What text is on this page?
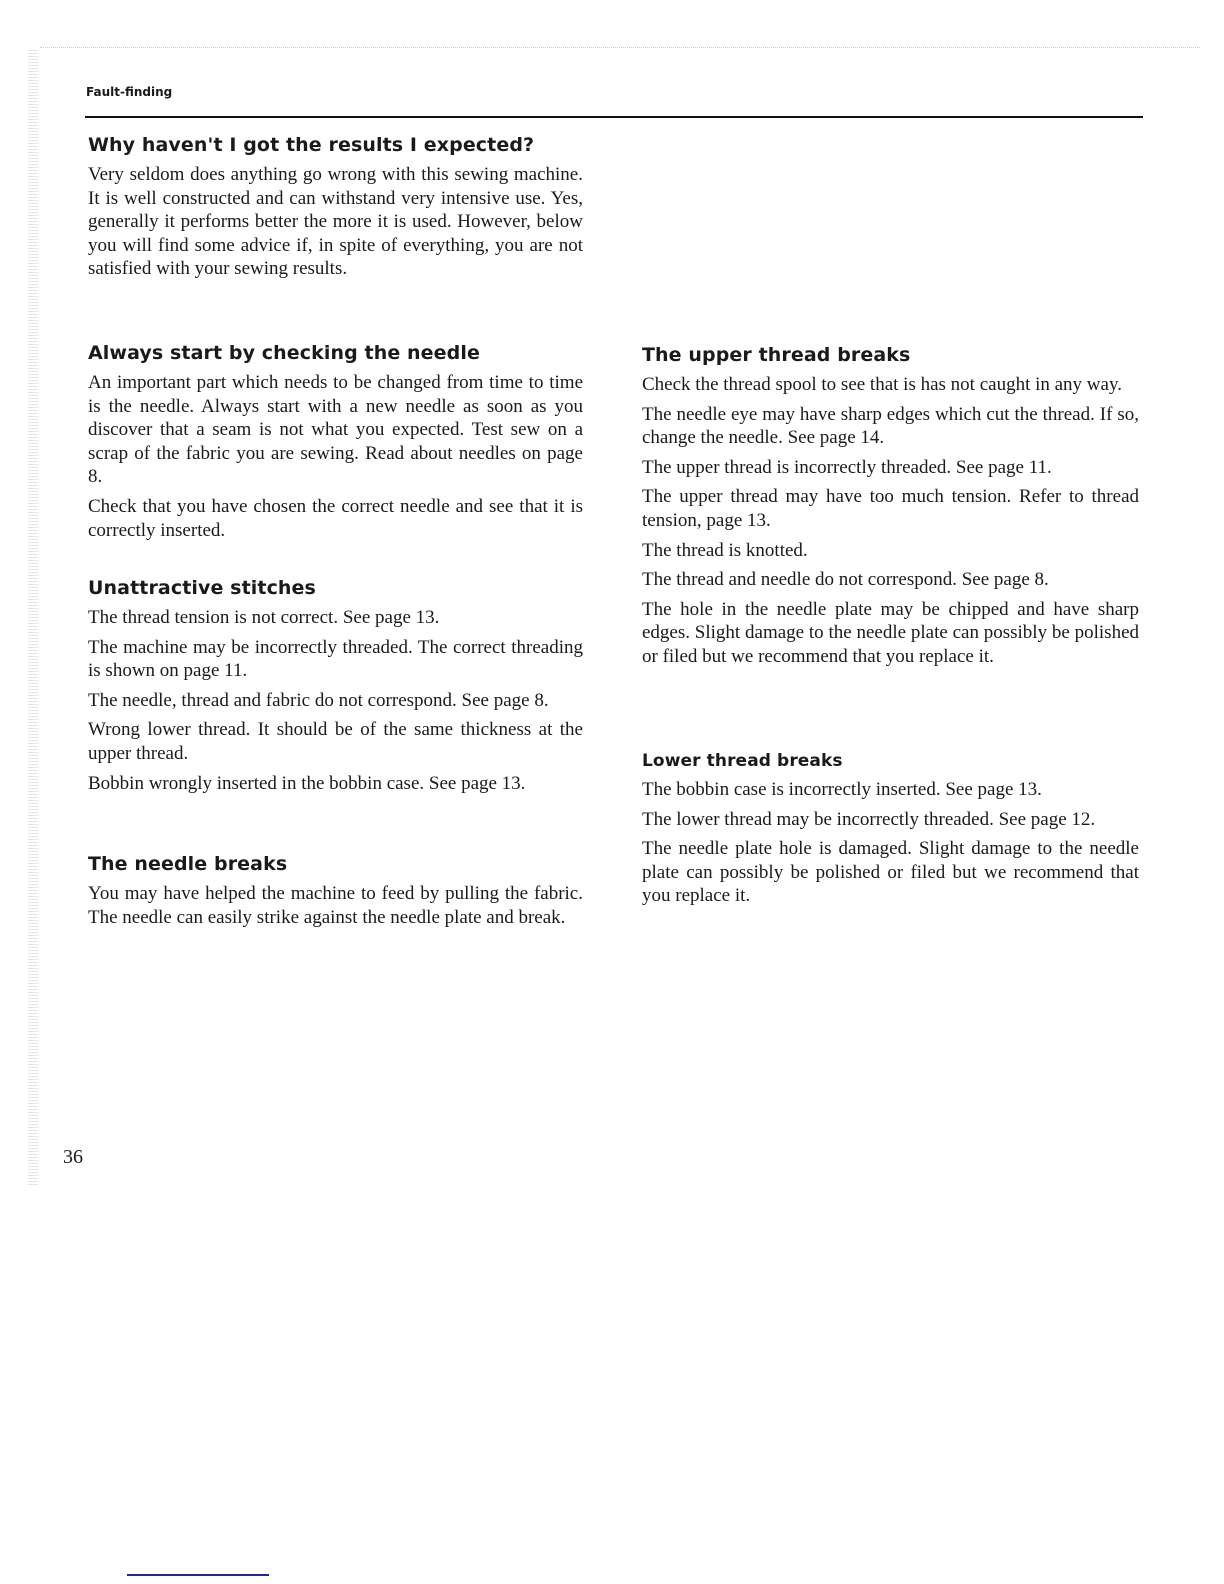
Fault-finding
Why haven't I got the results I expected?

Very seldom does anything go wrong with this sewing machine. It is well constructed and can withstand very intensive use. Yes, generally it performs better the more it is used. However, below you will find some advice if, in spite of everything, you are not satisfied with your sewing results.

Always start by checking the needle

An important part which needs to be changed from time to time is the needle. Always start with a new needle as soon as you discover that a seam is not what you expected. Test sew on a scrap of the fabric you are sewing. Read about needles on page 8.

Check that you have chosen the correct needle and see that it is correctly inserted.

Unattractive stitches

The thread tension is not correct. See page 13.

The machine may be incorrectly threaded. The correct threading is shown on page 11.

The needle, thread and fabric do not correspond. See page 8.

Wrong lower thread. It should be of the same thickness at the upper thread.

Bobbin wrongly inserted in the bobbin case. See page 13.

The needle breaks

You may have helped the machine to feed by pulling the fabric. The needle can easily strike against the needle plate and break.

The upper thread breaks

Check the thread spool to see that is has not caught in any way.

The needle eye may have sharp edges which cut the thread. If so, change the needle. See page 14.

The upper thread is incorrectly threaded. See page 11.

The upper thread may have too much tension. Refer to thread tension, page 13.

The thread is knotted.

The thread and needle do not correspond. See page 8.

The hole in the needle plate may be chipped and have sharp edges. Slight damage to the needle plate can possibly be polished or filed but we recommend that you replace it.

Lower thread breaks

The bobbin case is incorrectly inserted. See page 13.

The lower thread may be incorrectly threaded. See page 12.

The needle plate hole is damaged. Slight damage to the needle plate can possibly be polished or filed but we recommend that you replace it.

36
